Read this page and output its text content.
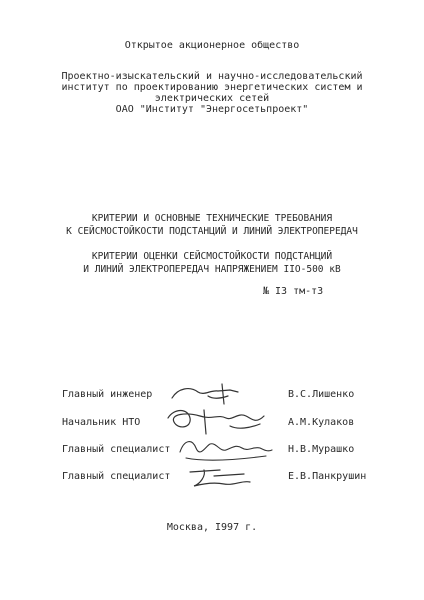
Открытое акционерное общество
Проектно-изыскательский и научно-исследовательский
институт по проектированию энергетических систем и
электрических сетей
ОАО "Институт "Энергосетьпроект"
КРИТЕРИИ И ОСНОВНЫЕ ТЕХНИЧЕСКИЕ ТРЕБОВАНИЯ
К СЕЙСМОСТОЙКОСТИ ПОДСТАНЦИЙ И ЛИНИЙ ЭЛЕКТРОПЕРЕДАЧ
КРИТЕРИИ ОЦЕНКИ СЕЙСМОСТОЙКОСТИ ПОДСТАНЦИЙ
И ЛИНИЙ ЭЛЕКТРОПЕРЕДАЧ НАПРЯЖЕНИЕМ IIO-500 кВ
№ I3 тм-т3
Главный инженер	В.С.Лишенко
Начальник НТО	А.М.Кулаков
Главный специалист	Н.В.Мурашко
Главный специалист	Е.В.Панкрушин
Москва, I997 г.
